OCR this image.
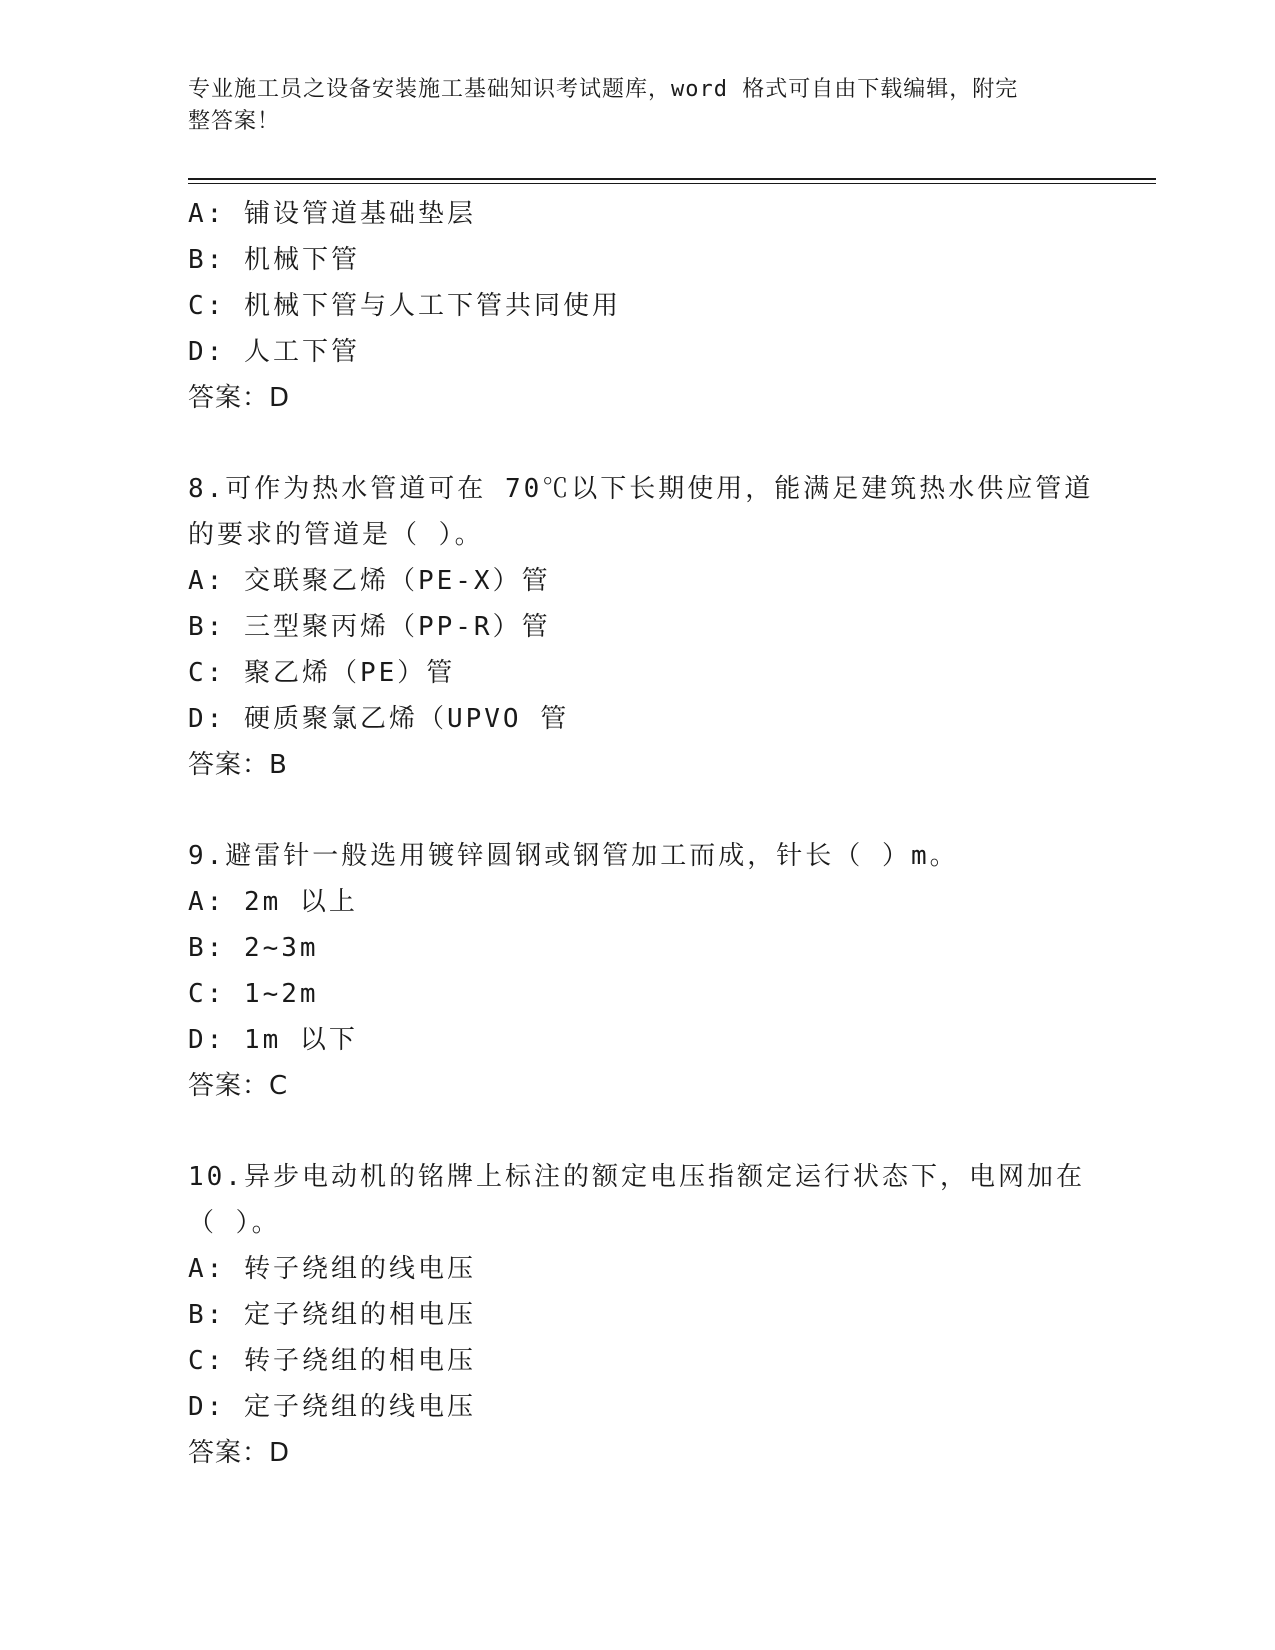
专业施工员之设备安装施工基础知识考试题库，word 格式可自由下载编辑，附完
整答案！
A: 铺设管道基础垫层
B: 机械下管
C: 机械下管与人工下管共同使用
D: 人工下管
答案：D
8.可作为热水管道可在 70℃以下长期使用，能满足建筑热水供应管道
的要求的管道是（ ）。
A: 交联聚乙烯（PE-X）管
B: 三型聚丙烯（PP-R）管
C: 聚乙烯（PE）管
D: 硬质聚氯乙烯（UPVO 管
答案：B
9.避雷针一般选用镀锌圆钢或钢管加工而成，针长（ ）m。
A: 2m 以上
B: 2~3m
C: 1~2m
D: 1m 以下
答案：C
10.异步电动机的铭牌上标注的额定电压指额定运行状态下，电网加在
（ ）。
A: 转子绕组的线电压
B: 定子绕组的相电压
C: 转子绕组的相电压
D: 定子绕组的线电压
答案：D
